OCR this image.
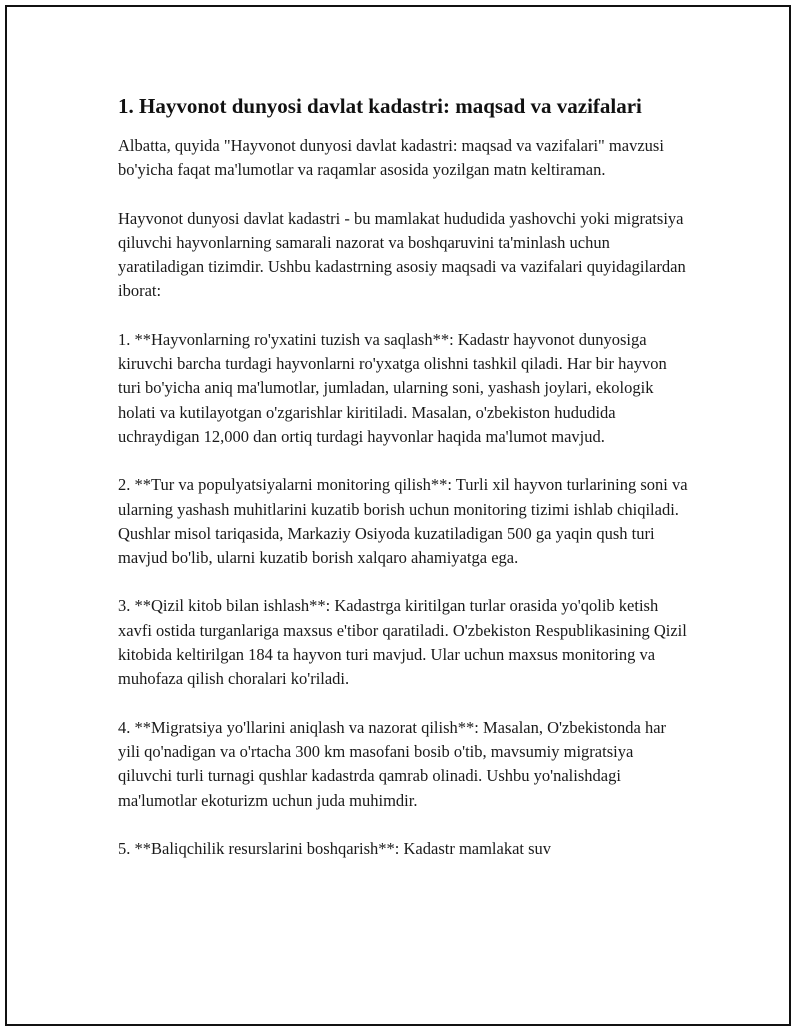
1. Hayvonot dunyosi davlat kadastri: maqsad va vazifalari

Albatta, quyida "Hayvonot dunyosi davlat kadastri: maqsad va vazifalari" mavzusi bo'yicha faqat ma'lumotlar va raqamlar asosida yozilgan matn keltiraman.

Hayvonot dunyosi davlat kadastri - bu mamlakat hududida yashovchi yoki migratsiya qiluvchi hayvonlarning samarali nazorat va boshqaruvini ta'minlash uchun yaratiladigan tizimdir. Ushbu kadastrning asosiy maqsadi va vazifalari quyidagilardan iborat:

1. **Hayvonlarning ro'yxatini tuzish va saqlash**: Kadastr hayvonot dunyosiga kiruvchi barcha turdagi hayvonlarni ro'yxatga olishni tashkil qiladi. Har bir hayvon turi bo'yicha aniq ma'lumotlar, jumladan, ularning soni, yashash joylari, ekologik holati va kutilayotgan o'zgarishlar kiritiladi. Masalan, o'zbekiston hududida uchraydigan 12,000 dan ortiq turdagi hayvonlar haqida ma'lumot mavjud.

2. **Tur va populyatsiyalarni monitoring qilish**: Turli xil hayvon turlarining soni va ularning yashash muhitlarini kuzatib borish uchun monitoring tizimi ishlab chiqiladi. Qushlar misol tariqasida, Markaziy Osiyoda kuzatiladigan 500 ga yaqin qush turi mavjud bo'lib, ularni kuzatib borish xalqaro ahamiyatga ega.

3. **Qizil kitob bilan ishlash**: Kadastrga kiritilgan turlar orasida yo'qolib ketish xavfi ostida turganlariga maxsus e'tibor qaratiladi. O'zbekiston Respublikasining Qizil kitobida keltirilgan 184 ta hayvon turi mavjud. Ular uchun maxsus monitoring va muhofaza qilish choralari ko'riladi.

4. **Migratsiya yo'llarini aniqlash va nazorat qilish**: Masalan, O'zbekistonda har yili qo'nadigan va o'rtacha 300 km masofani bosib o'tib, mavsumiy migratsiya qiluvchi turli turnagi qushlar kadastrda qamrab olinadi. Ushbu yo'nalishdagi ma'lumotlar ekoturizm uchun juda muhimdir.

5. **Baliqchilik resurslarini boshqarish**: Kadastr mamlakat suv
